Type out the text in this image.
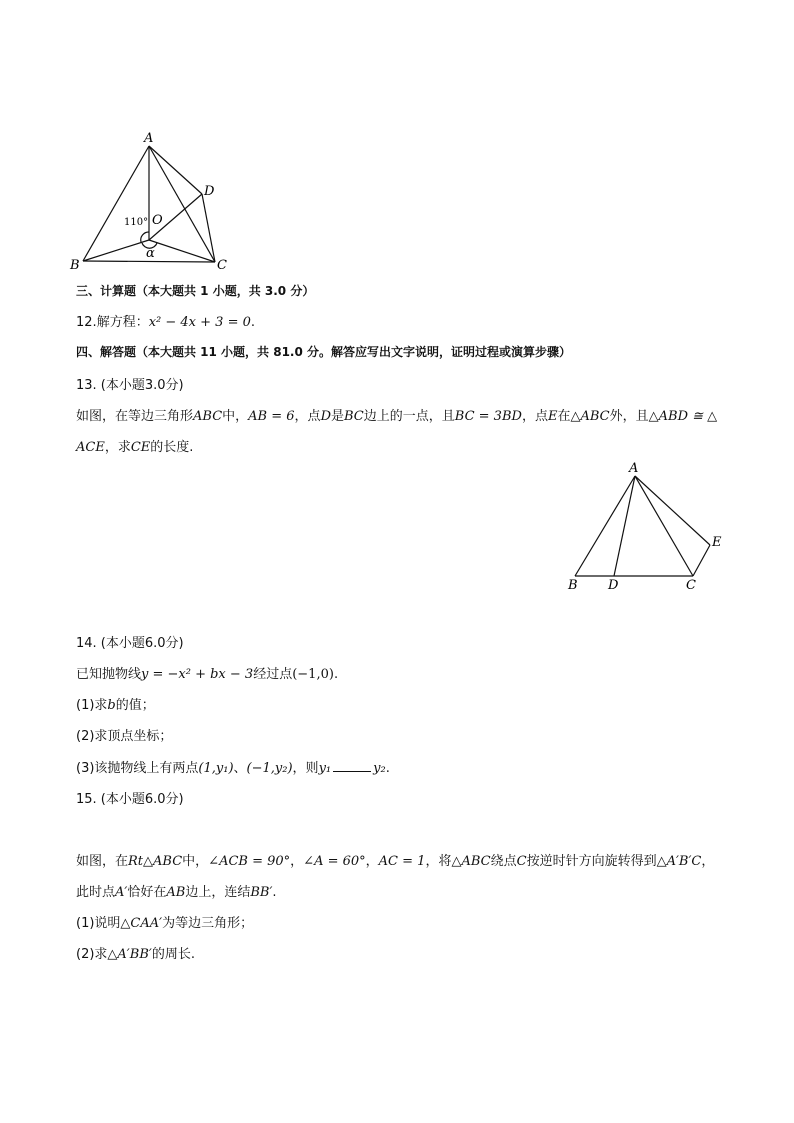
A
B	C
D
O
110°
α
三、计算题（本大题共 1 小题，共 3.0 分）
12.解方程：x² − 4x + 3 = 0.
四、解答题（本大题共 11 小题，共 81.0 分。解答应写出文字说明，证明过程或演算步骤）
13. (本小题3.0分)
如图，在等边三角形ABC中，AB = 6，点D是BC边上的一点，且BC = 3BD，点E在△ABC外，且△ABD ≅ △
ACE，求CE的长度.
A
B D	C
E
14. (本小题6.0分)
已知抛物线y = −x² + bx − 3经过点(−1,0).
(1)求b的值；
(2)求顶点坐标；
(3)该抛物线上有两点(1,y₁)、(−1,y₂)，则y₁	y₂.
15. (本小题6.0分)
如图，在Rt△ABC中，∠ACB = 90°，∠A = 60°，AC = 1，将△ABC绕点C按逆时针方向旋转得到△A′B′C，
此时点A′恰好在AB边上，连结BB′.
(1)说明△CAA′为等边三角形；
(2)求△A′BB′的周长.
